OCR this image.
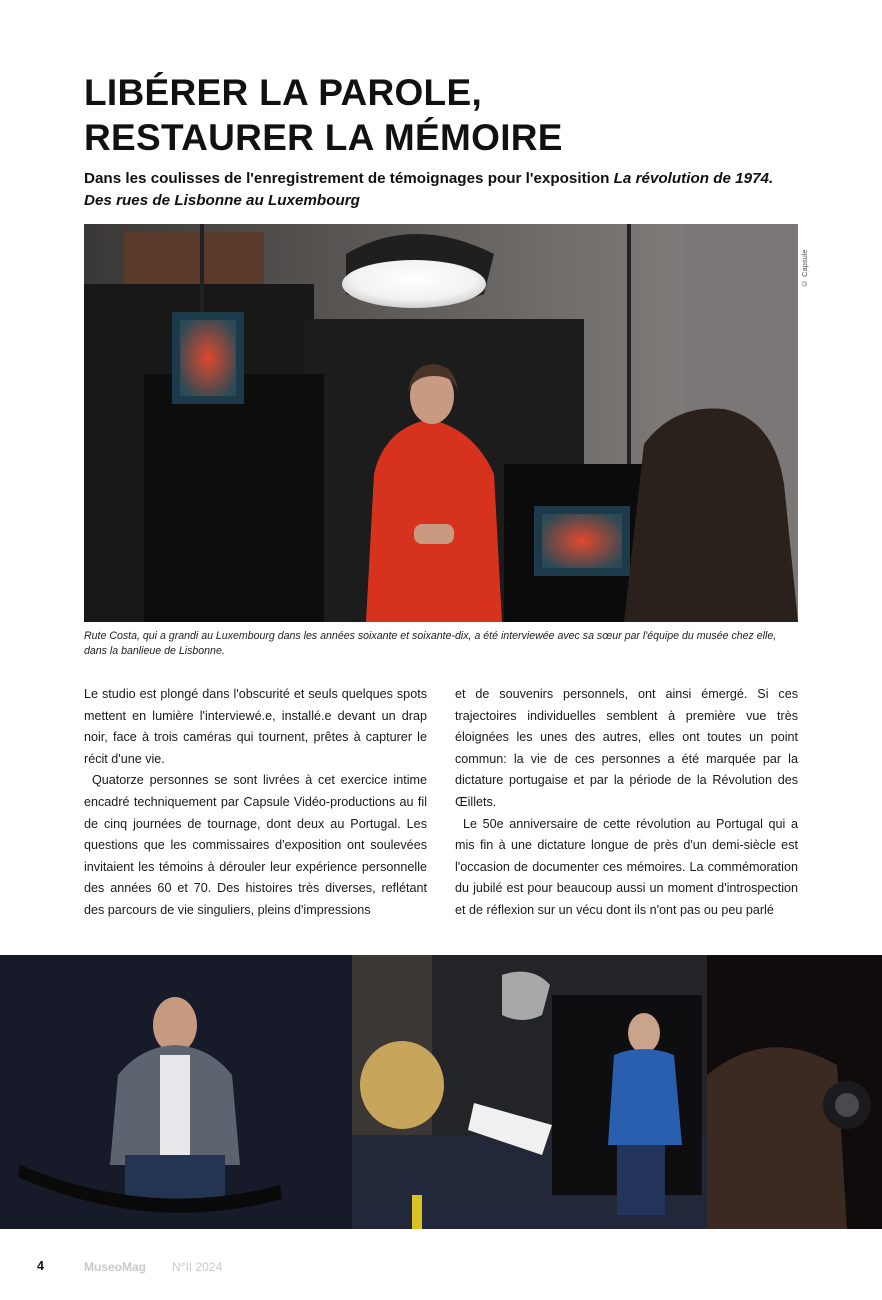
LIBÉRER LA PAROLE,
RESTAURER LA MÉMOIRE

Dans les coulisses de l'enregistrement de témoignages pour l'exposition La révolution de 1974. Des rues de Lisbonne au Luxembourg

© Capsule

Rute Costa, qui a grandi au Luxembourg dans les années soixante et soixante-dix, a été interviewée avec sa sœur par l'équipe du musée chez elle, dans la banlieue de Lisbonne.

Le studio est plongé dans l'obscurité et seuls quelques spots mettent en lumière l'interviewé.e, installé.e devant un drap noir, face à trois caméras qui tournent, prêtes à capturer le récit d'une vie.

Quatorze personnes se sont livrées à cet exercice intime encadré techniquement par Capsule Vidéo-productions au fil de cinq journées de tournage, dont deux au Portugal. Les questions que les commissaires d'exposition ont soulevées invitaient les témoins à dérouler leur expérience personnelle des années 60 et 70. Des histoires très diverses, reflétant des parcours de vie singuliers, pleins d'impressions

et de souvenirs personnels, ont ainsi émergé. Si ces trajectoires individuelles semblent à première vue très éloignées les unes des autres, elles ont toutes un point commun: la vie de ces personnes a été marquée par la dictature portugaise et par la période de la Révolution des Œillets.

Le 50e anniversaire de cette révolution au Portugal qui a mis fin à une dictature longue de près d'un demi-siècle est l'occasion de documenter ces mémoires. La commémoration du jubilé est pour beaucoup aussi un moment d'introspection et de réflexion sur un vécu dont ils n'ont pas ou peu parlé

4	MuseoMag N°II 2024
